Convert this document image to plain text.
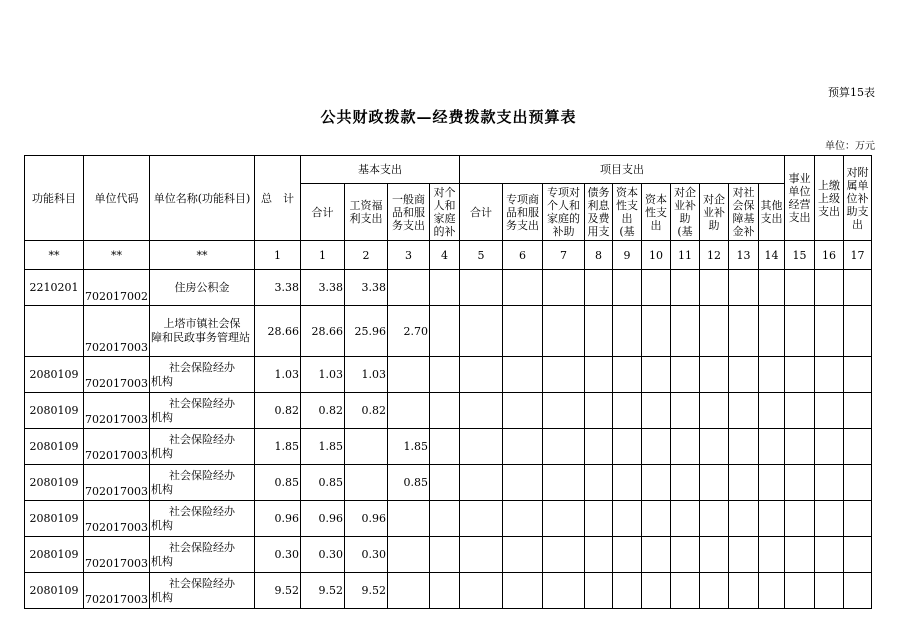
预算15表
公共财政拨款—经费拨款支出预算表
单位：万元
功能科目	单位代码	单位名称(功能科目)	总　计	基本支出				项目支出										事业单位经营支出	上缴上级支出	对附属单位补助支出
				合计	工资福利支出	一般商品和服务支出	对个人和家庭的补	合计	专项商品和服务支出	专项对个人和家庭的补助	债务利息及费用支	资本性支出(基	资本性支出	对企业补助(基	对企业补助	对社会保障基金补	其他支出			
**	**	**	1	1	2	3	4	5	6	7	8	9	10	11	12	13	14	15	16	17
2210201	702017002	住房公积金	3.38	3.38	3.38															
	702017003	上塔市镇社会保
障和民政事务管理站	28.66	28.66	25.96	2.70														
2080109	702017003	社会保险经办
机构	1.03	1.03	1.03															
2080109	702017003	社会保险经办
机构	0.82	0.82	0.82															
2080109	702017003	社会保险经办
机构	1.85	1.85		1.85														
2080109	702017003	社会保险经办
机构	0.85	0.85		0.85														
2080109	702017003	社会保险经办
机构	0.96	0.96	0.96															
2080109	702017003	社会保险经办
机构	0.30	0.30	0.30															
2080109	702017003	社会保险经办
机构	9.52	9.52	9.52															
